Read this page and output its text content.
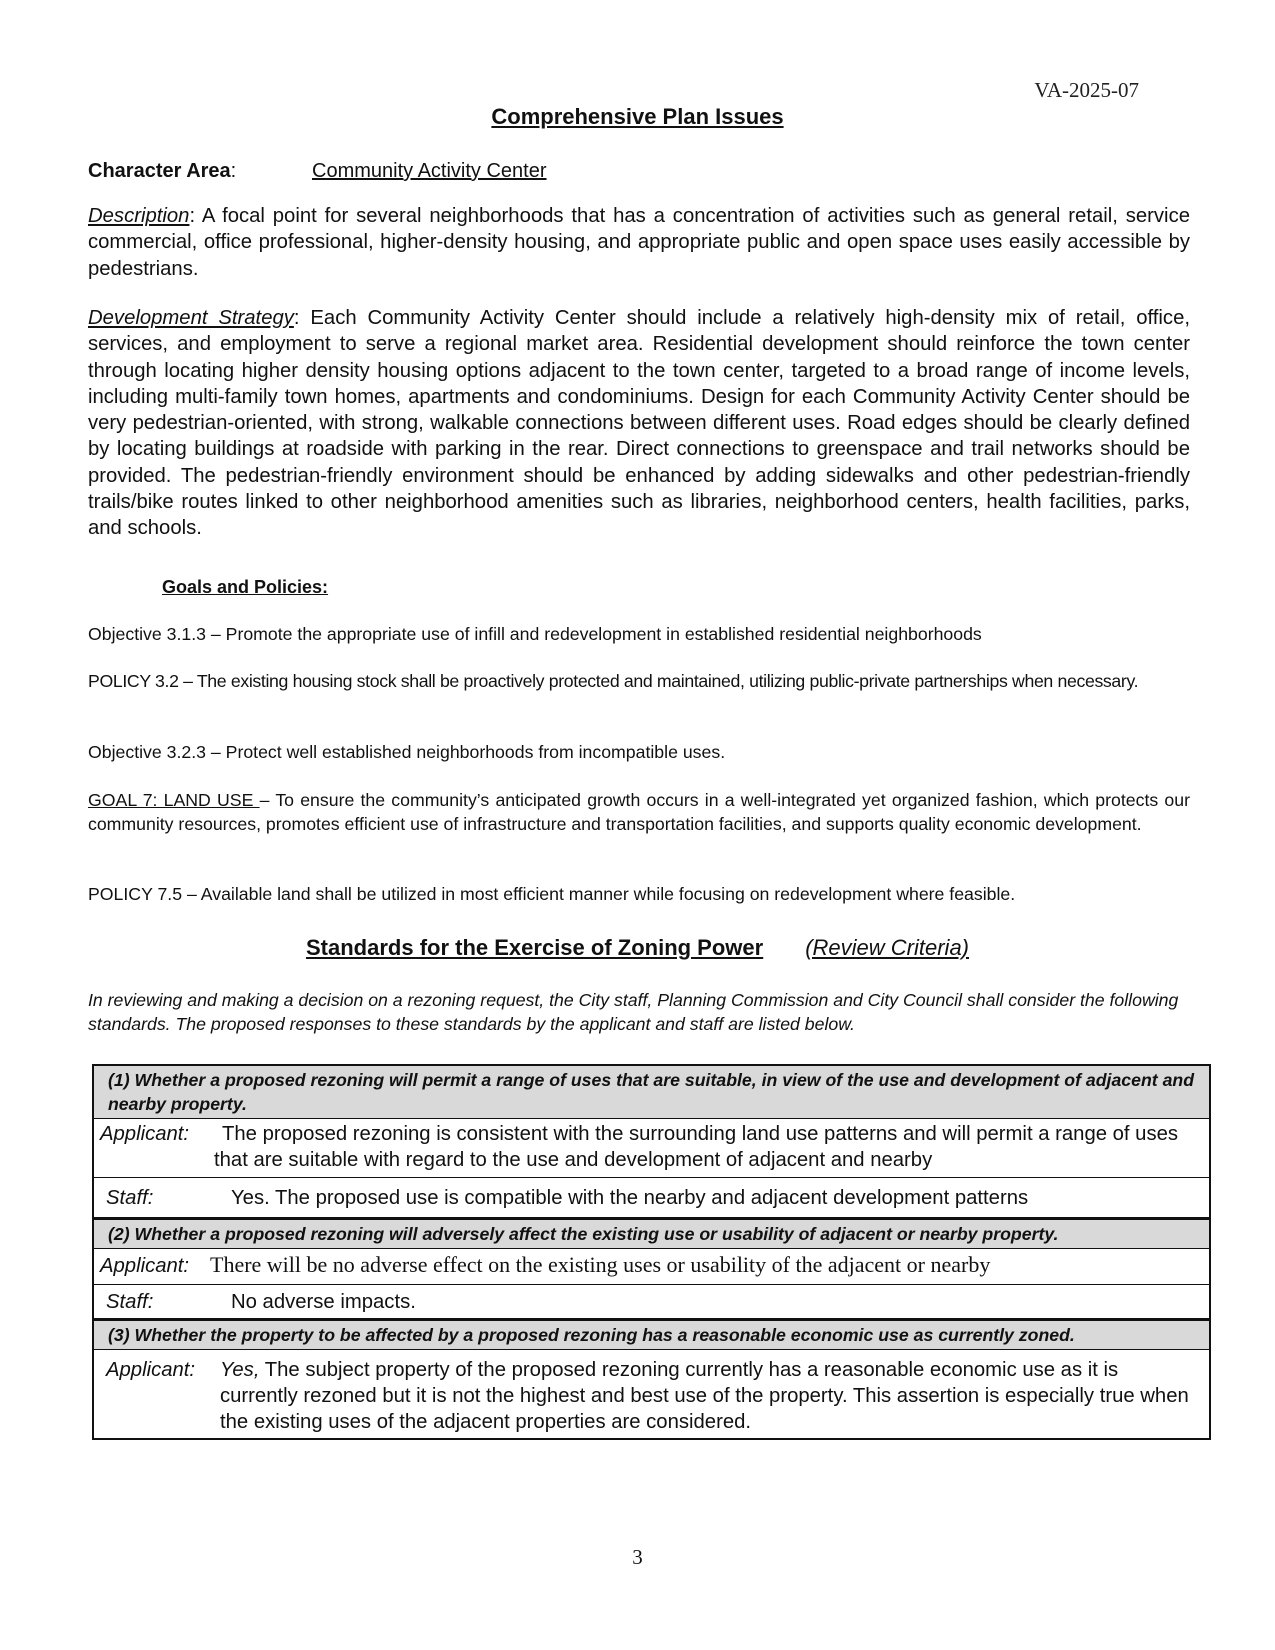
VA-2025-07
Comprehensive Plan Issues
Character Area:	Community Activity Center
Description: A focal point for several neighborhoods that has a concentration of activities such as general retail, service commercial, office professional, higher-density housing, and appropriate public and open space uses easily accessible by pedestrians.
Development Strategy: Each Community Activity Center should include a relatively high-density mix of retail, office, services, and employment to serve a regional market area. Residential development should reinforce the town center through locating higher density housing options adjacent to the town center, targeted to a broad range of income levels, including multi-family town homes, apartments and condominiums. Design for each Community Activity Center should be very pedestrian-oriented, with strong, walkable connections between different uses. Road edges should be clearly defined by locating buildings at roadside with parking in the rear. Direct connections to greenspace and trail networks should be provided. The pedestrian-friendly environment should be enhanced by adding sidewalks and other pedestrian-friendly trails/bike routes linked to other neighborhood amenities such as libraries, neighborhood centers, health facilities, parks, and schools.
Goals and Policies:
Objective 3.1.3 – Promote the appropriate use of infill and redevelopment in established residential neighborhoods
POLICY 3.2 – The existing housing stock shall be proactively protected and maintained, utilizing public-private partnerships when necessary.
Objective 3.2.3 – Protect well established neighborhoods from incompatible uses.
GOAL 7: LAND USE – To ensure the community’s anticipated growth occurs in a well-integrated yet organized fashion, which protects our community resources, promotes efficient use of infrastructure and transportation facilities, and supports quality economic development.
POLICY 7.5 – Available land shall be utilized in most efficient manner while focusing on redevelopment where feasible.
Standards for the Exercise of Zoning Power (Review Criteria)
In reviewing and making a decision on a rezoning request, the City staff, Planning Commission and City Council shall consider the following standards. The proposed responses to these standards by the applicant and staff are listed below.
(1) Whether a proposed rezoning will permit a range of uses that are suitable, in view of the use and development of adjacent and nearby property.
Applicant:	The proposed rezoning is consistent with the surrounding land use patterns and will permit a range of uses that are suitable with regard to the use and development of adjacent and nearby
Staff:	Yes. The proposed use is compatible with the nearby and adjacent development patterns
(2) Whether a proposed rezoning will adversely affect the existing use or usability of adjacent or nearby property.
Applicant: There will be no adverse effect on the existing uses or usability of the adjacent or nearby
Staff:	No adverse impacts.
(3) Whether the property to be affected by a proposed rezoning has a reasonable economic use as currently zoned.
Applicant: Yes, The subject property of the proposed rezoning currently has a reasonable economic use as it is currently rezoned but it is not the highest and best use of the property. This assertion is especially true when the existing uses of the adjacent properties are considered.
3
